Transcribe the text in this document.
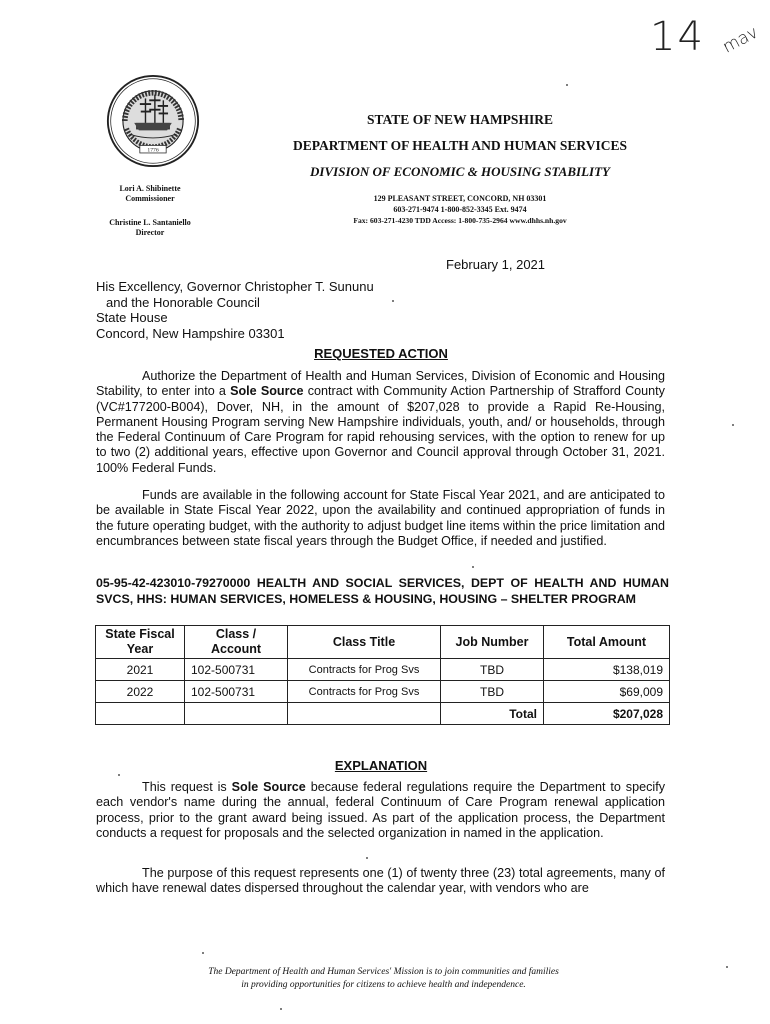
14 mav
1776
STATE OF NEW HAMPSHIRE
DEPARTMENT OF HEALTH AND HUMAN SERVICES
DIVISION OF ECONOMIC & HOUSING STABILITY
129 PLEASANT STREET, CONCORD, NH 03301
603-271-9474 1-800-852-3345 Ext. 9474
Fax: 603-271-4230 TDD Access: 1-800-735-2964 www.dhhs.nh.gov
Lori A. Shibinette
Commissioner
Christine L. Santaniello
Director
February 1, 2021
His Excellency, Governor Christopher T. Sununu
and the Honorable Council
State House
Concord, New Hampshire 03301
REQUESTED ACTION
Authorize the Department of Health and Human Services, Division of Economic and Housing Stability, to enter into a Sole Source contract with Community Action Partnership of Strafford County (VC#177200-B004), Dover, NH, in the amount of $207,028 to provide a Rapid Re-Housing, Permanent Housing Program serving New Hampshire individuals, youth, and/ or households, through the Federal Continuum of Care Program for rapid rehousing services, with the option to renew for up to two (2) additional years, effective upon Governor and Council approval through October 31, 2021. 100% Federal Funds.
Funds are available in the following account for State Fiscal Year 2021, and are anticipated to be available in State Fiscal Year 2022, upon the availability and continued appropriation of funds in the future operating budget, with the authority to adjust budget line items within the price limitation and encumbrances between state fiscal years through the Budget Office, if needed and justified.
05-95-42-423010-79270000 HEALTH AND SOCIAL SERVICES, DEPT OF HEALTH AND HUMAN SVCS, HHS: HUMAN SERVICES, HOMELESS & HOUSING, HOUSING – SHELTER PROGRAM
State Fiscal Year	Class / Account	Class Title	Job Number	Total Amount
2021	102-500731	Contracts for Prog Svs	TBD	$138,019
2022	102-500731	Contracts for Prog Svs	TBD	$69,009
			Total	$207,028
EXPLANATION
This request is Sole Source because federal regulations require the Department to specify each vendor's name during the annual, federal Continuum of Care Program renewal application process, prior to the grant award being issued. As part of the application process, the Department conducts a request for proposals and the selected organization in named in the application.
The purpose of this request represents one (1) of twenty three (23) total agreements, many of which have renewal dates dispersed throughout the calendar year, with vendors who are
The Department of Health and Human Services' Mission is to join communities and families
in providing opportunities for citizens to achieve health and independence.
